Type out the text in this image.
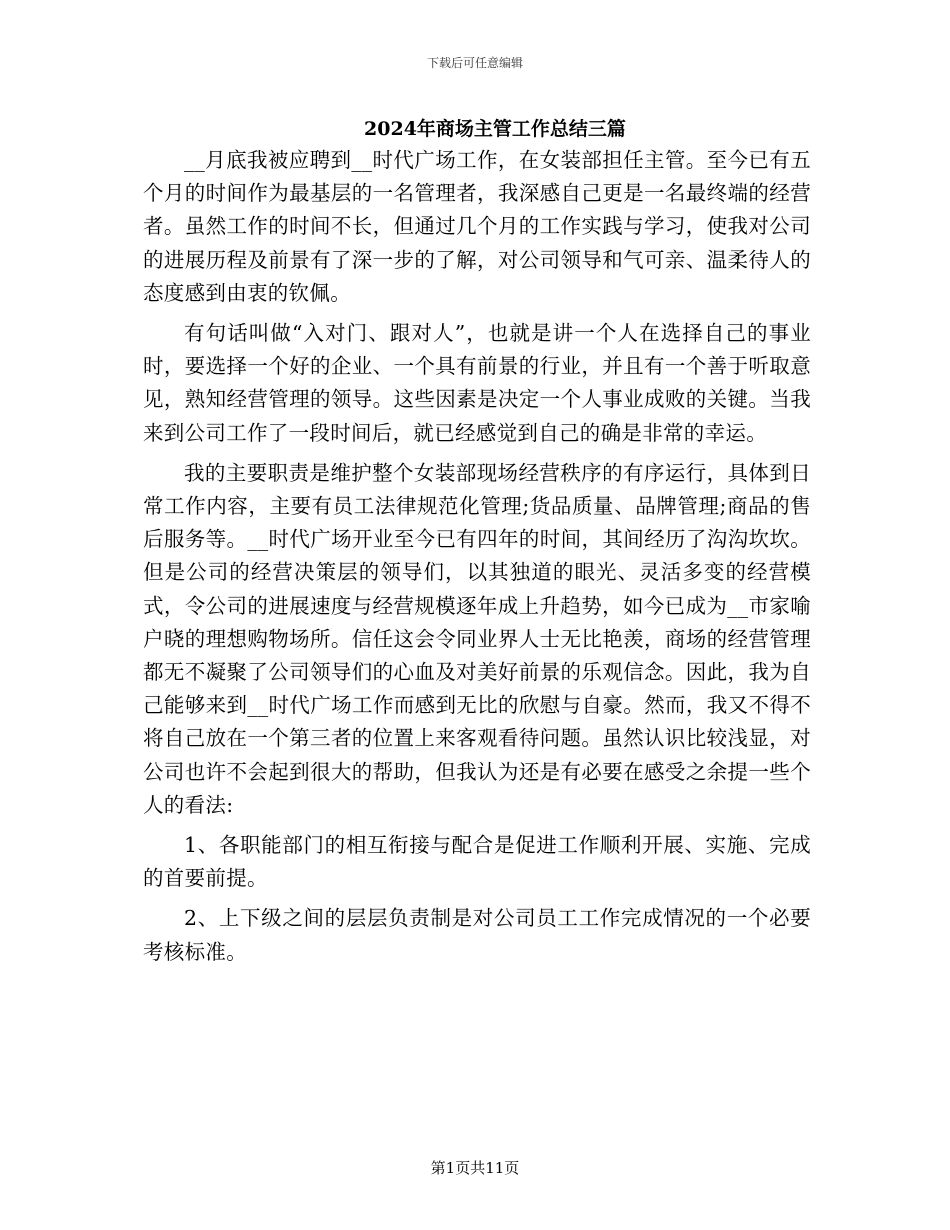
下载后可任意编辑
2024年商场主管工作总结三篇

__月底我被应聘到__时代广场工作，在女装部担任主管。至今已有五个月的时间作为最基层的一名管理者，我深感自己更是一名最终端的经营者。虽然工作的时间不长，但通过几个月的工作实践与学习，使我对公司的进展历程及前景有了深一步的了解，对公司领导和气可亲、温柔待人的态度感到由衷的钦佩。

有句话叫做“入对门、跟对人”，也就是讲一个人在选择自己的事业时，要选择一个好的企业、一个具有前景的行业，并且有一个善于听取意见，熟知经营管理的领导。这些因素是决定一个人事业成败的关键。当我来到公司工作了一段时间后，就已经感觉到自己的确是非常的幸运。

我的主要职责是维护整个女装部现场经营秩序的有序运行，具体到日常工作内容，主要有员工法律规范化管理;货品质量、品牌管理;商品的售后服务等。__时代广场开业至今已有四年的时间，其间经历了沟沟坎坎。但是公司的经营决策层的领导们，以其独道的眼光、灵活多变的经营模式，令公司的进展速度与经营规模逐年成上升趋势，如今已成为__市家喻户晓的理想购物场所。信任这会令同业界人士无比艳羡，商场的经营管理都无不凝聚了公司领导们的心血及对美好前景的乐观信念。因此，我为自己能够来到__时代广场工作而感到无比的欣慰与自豪。然而，我又不得不将自己放在一个第三者的位置上来客观看待问题。虽然认识比较浅显，对公司也许不会起到很大的帮助，但我认为还是有必要在感受之余提一些个人的看法:

1、各职能部门的相互衔接与配合是促进工作顺利开展、实施、完成的首要前提。

2、上下级之间的层层负责制是对公司员工工作完成情况的一个必要考核标准。

第1页共11页
